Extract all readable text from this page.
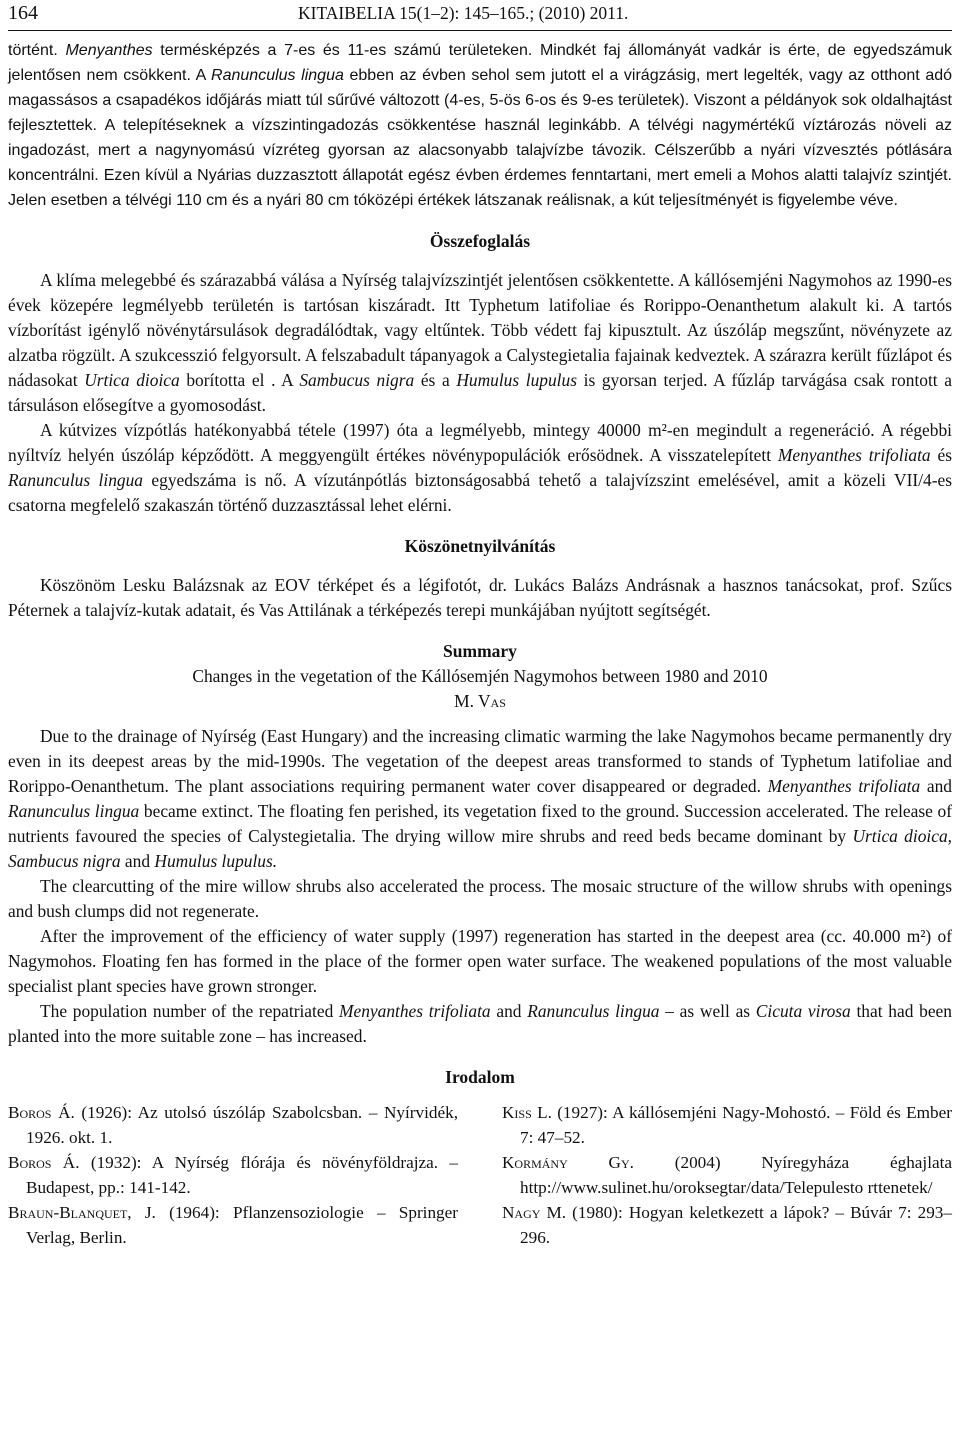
164	KITAIBELIA 15(1–2): 145–165.; (2010) 2011.

történt. Menyanthes termésképzés a 7-es és 11-es számú területeken. Mindkét faj állományát vadkár is érte, de egyedszámuk jelentősen nem csökkent. A Ranunculus lingua ebben az évben sehol sem jutott el a virágzásig, mert legelték, vagy az otthont adó magassásos a csapadékos időjárás miatt túl sűrűvé változott (4-es, 5-ös 6-os és 9-es területek). Viszont a példányok sok oldalhajtást fejlesztettek. A telepítéseknek a vízszintingadozás csökkentése használ leginkább. A télvégi nagymértékű víztározás növeli az ingadozást, mert a nagynyomású vízréteg gyorsan az alacsonyabb talajvízbe távozik. Célszerűbb a nyári vízvesztés pótlására koncentrálni. Ezen kívül a Nyárias duzzasztott állapotát egész évben érdemes fenntartani, mert emeli a Mohos alatti talajvíz szintjét. Jelen esetben a télvégi 110 cm és a nyári 80 cm tóközépi értékek látszanak reálisnak, a kút teljesítményét is figyelembe véve.

Összefoglalás

A klíma melegebbé és szárazabbá válása a Nyírség talajvízszintjét jelentősen csökkentette. A kállósemjéni Nagymohos az 1990-es évek közepére legmélyebb területén is tartósan kiszáradt. Itt Typhetum latifoliae és Rorippo-Oenanthetum alakult ki. A tartós vízborítást igénylő növénytársulások degradálódtak, vagy eltűntek. Több védett faj kipusztult. Az úszóláp megszűnt, növényzete az alzatba rögzült. A szukcesszió felgyorsult. A felszabadult tápanyagok a Calystegietalia fajainak kedveztek. A szárazra került fűzlápot és nádasokat Urtica dioica borította el . A Sambucus nigra és a Humulus lupulus is gyorsan terjed. A fűzláp tarvágása csak rontott a társuláson elősegítve a gyomosodást.

A kútvizes vízpótlás hatékonyabbá tétele (1997) óta a legmélyebb, mintegy 40000 m²-en megindult a regeneráció. A régebbi nyíltvíz helyén úszóláp képződött. A meggyengült értékes növénypopulációk erősödnek. A visszatelepített Menyanthes trifoliata és Ranunculus lingua egyedszáma is nő. A vízutánpótlás biztonságosabbá tehető a talajvízszint emelésével, amit a közeli VII/4-es csatorna megfelelő szakaszán történő duzzasztással lehet elérni.

Köszönetnyilvánítás

Köszönöm Lesku Balázsnak az EOV térképet és a légifotót, dr. Lukács Balázs Andrásnak a hasznos tanácsokat, prof. Szűcs Péternek a talajvíz-kutak adatait, és Vas Attilának a térképezés terepi munkájában nyújtott segítségét.

Summary

Changes in the vegetation of the Kállósemjén Nagymohos between 1980 and 2010

M. Vas

Due to the drainage of Nyírség (East Hungary) and the increasing climatic warming the lake Nagymohos became permanently dry even in its deepest areas by the mid-1990s. The vegetation of the deepest areas transformed to stands of Typhetum latifoliae and Rorippo-Oenanthetum. The plant associations requiring permanent water cover disappeared or degraded. Menyanthes trifoliata and Ranunculus lingua became extinct. The floating fen perished, its vegetation fixed to the ground. Succession accelerated. The release of nutrients favoured the species of Calystegietalia. The drying willow mire shrubs and reed beds became dominant by Urtica dioica, Sambucus nigra and Humulus lupulus.

The clearcutting of the mire willow shrubs also accelerated the process. The mosaic structure of the willow shrubs with openings and bush clumps did not regenerate.

After the improvement of the efficiency of water supply (1997) regeneration has started in the deepest area (cc. 40.000 m²) of Nagymohos. Floating fen has formed in the place of the former open water surface. The weakened populations of the most valuable specialist plant species have grown stronger.

The population number of the repatriated Menyanthes trifoliata and Ranunculus lingua – as well as Cicuta virosa that had been planted into the more suitable zone – has increased.

Irodalom

Boros Á. (1926): Az utolsó úszóláp Szabolcsban. – Nyírvidék, 1926. okt. 1.

Boros Á. (1932): A Nyírség flórája és növényföldrajza. – Budapest, pp.: 141-142.

Braun-Blanquet, J. (1964): Pflanzensoziologie – Springer Verlag, Berlin.

Kiss L. (1927): A kállósemjéni Nagy-Mohostó. – Föld és Ember 7: 47–52.

Kormány Gy. (2004) Nyíregyháza éghajlata http://www.sulinet.hu/oroksegtar/data/Telepulesto rttenetek/

Nagy M. (1980): Hogyan keletkezett a lápok? – Búvár 7: 293–296.
